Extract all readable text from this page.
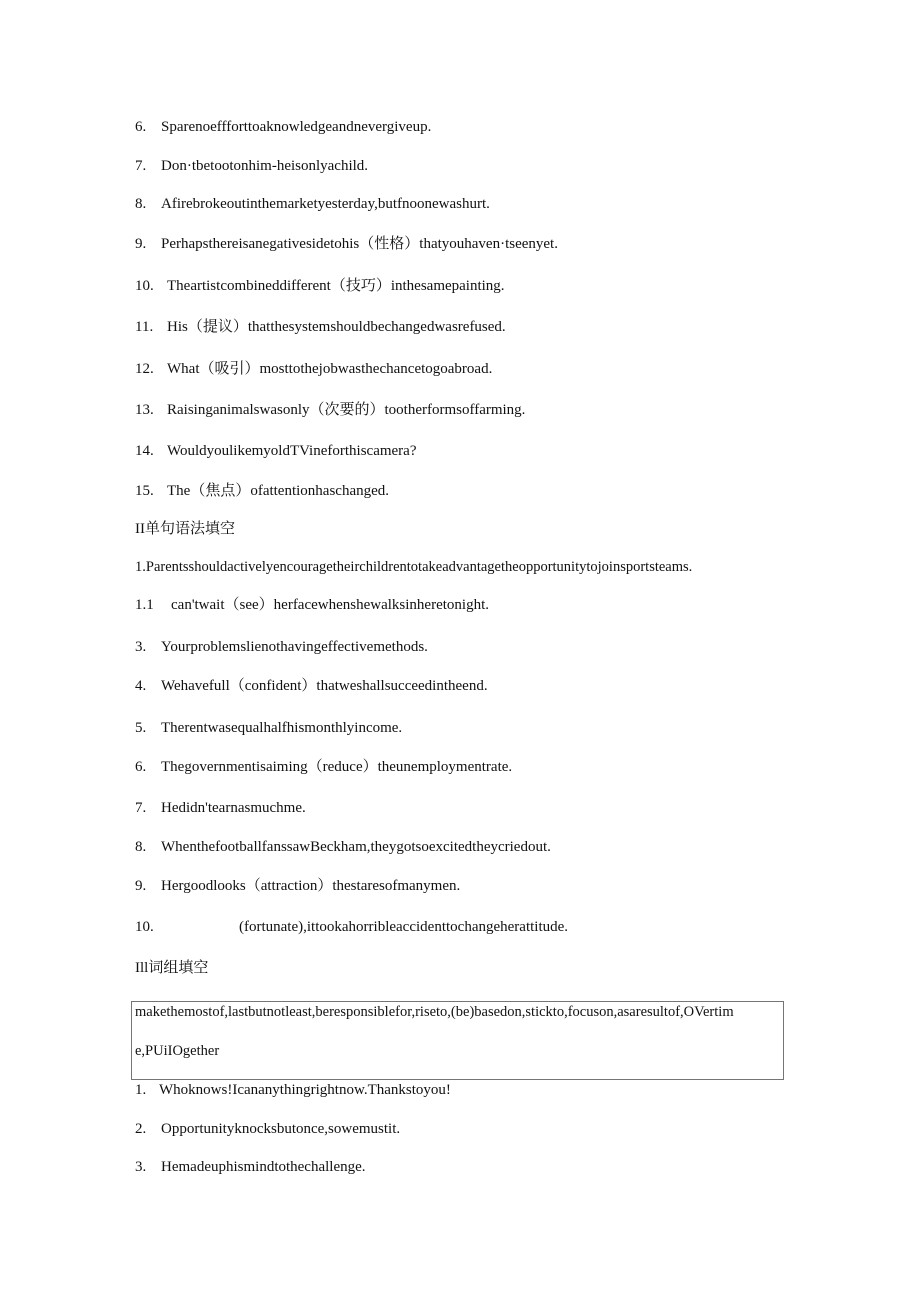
6. Sparenoeffforttoaknowledgeandnevergiveup.
7. Don·tbetootonhim-heisonlyachild.
8. Afirebrokeoutinthemarketyesterday,butfnoonewashurt.
9. Perhapsthereisanegativesidetohis（性格）thatyouhaven·tseenyet.
10. Theartistcombineddifferent（技巧）inthesamepainting.
11. His（提议）thatthesystemshouldbechangedwasrefused.
12. What（吸引）mosttothejobwasthechancetogoabroad.
13. Raisinganimalswasonly（次要的）tootherformsoffarming.
14. WouldyoulikemyoldTVineforthiscamera?
15. The（焦点）ofattentionhaschanged.
II单句语法填空
1.Parentsshouldactivelyencouragetheirchildrentotakeadvantagetheopportunitytojoinsportsteams.
1.1 can'twait（see）herfacewhenshewalksinheretonight.
3. Yourproblemslienothavingeffectivemethods.
4. Wehavefull（confident）thatweshallsucceedintheend.
5. Therentwasequalhalfhismonthlyincome.
6. Thegovernmentisaiming（reduce）theunemploymentrate.
7. Hedidn'tearnasmuchme.
8. WhenthefootballfanssawBeckham,theygotsoexcitedtheycriedout.
9. Hergoodlooks（attraction）thestaresofmanymen.
10.	(fortunate),ittookahorribleaccidenttochangeherattitude.
Ill词组填空
makethemostof,lastbutnotleast,beresponsiblefor,riseto,(be)basedon,stickto,focuson,asaresultof,OVertim
e,PUiIOgether
1. Whoknows!Icananythingrightnow.Thankstoyou!
2. Opportunityknocksbutonce,sowemustit.
3. Hemadeuphismindtothechallenge.
